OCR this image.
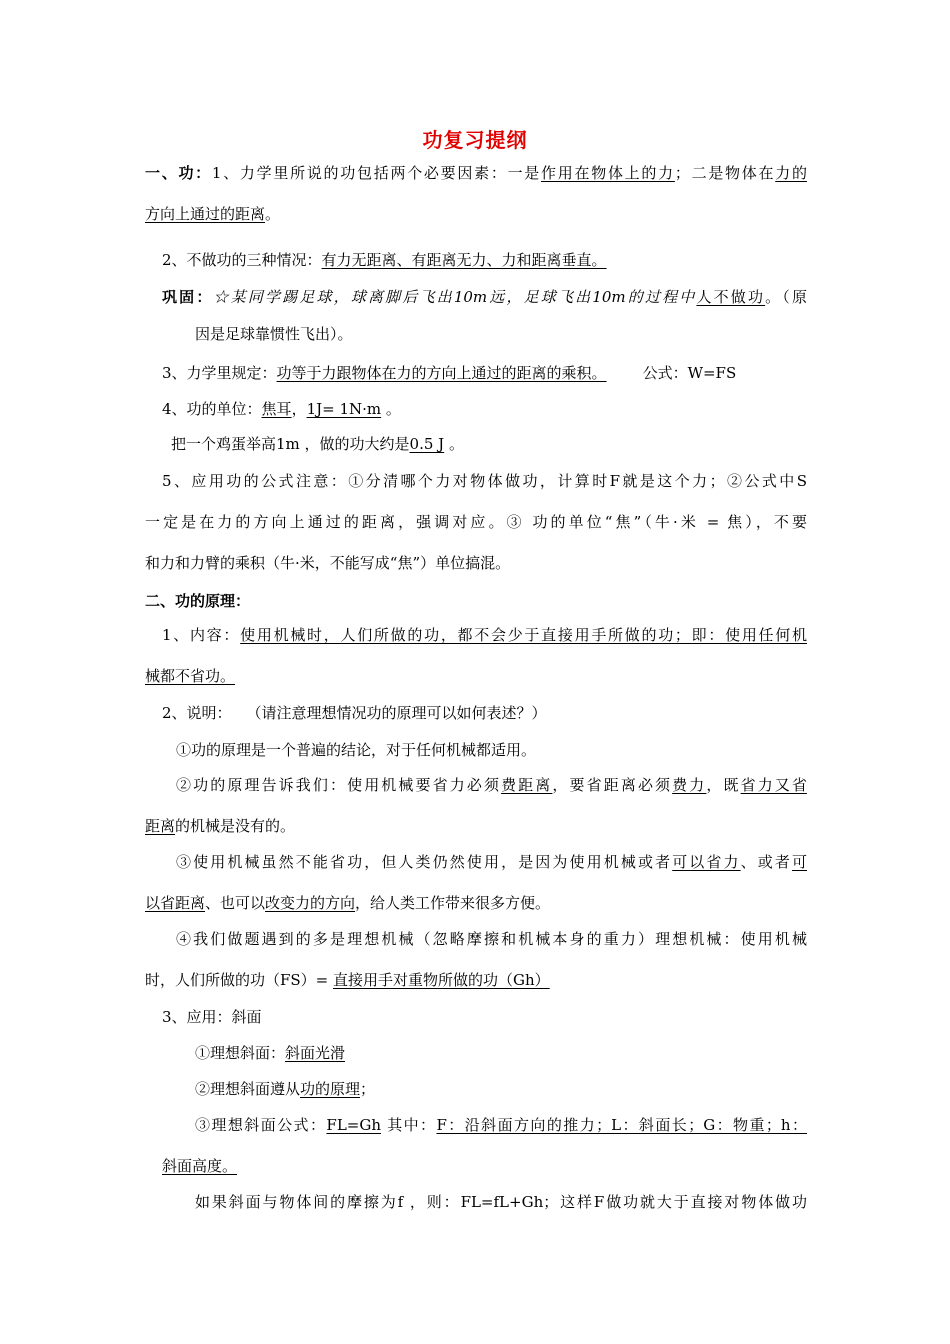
功复习提纲
一、功：1、力学里所说的功包括两个必要因素：一是作用在物体上的力；二是物体在力的
方向上通过的距离。
2、不做功的三种情况：有力无距离、有距离无力、力和距离垂直。
巩固：☆某同学踢足球，球离脚后飞出10m远，足球飞出10m的过程中人不做功。（原
因是足球靠惯性飞出）。
3、力学里规定：功等于力跟物体在力的方向上通过的距离的乘积。 公式：W=FS
4、功的单位：焦耳，1J= 1N·m 。
把一个鸡蛋举高1m ，做的功大约是0.5 J 。
5、应用功的公式注意：①分清哪个力对物体做功，计算时F就是这个力；②公式中S
一定是在力的方向上通过的距离，强调对应。③ 功的单位“焦”（牛·米 = 焦），不要
和力和力臂的乘积（牛·米，不能写成“焦”）单位搞混。
二、功的原理：
1、内容：使用机械时，人们所做的功，都不会少于直接用手所做的功；即：使用任何机
械都不省功。
2、说明：　　（请注意理想情况功的原理可以如何表述？）
①功的原理是一个普遍的结论，对于任何机械都适用。
②功的原理告诉我们：使用机械要省力必须费距离，要省距离必须费力，既省力又省
距离的机械是没有的。
③使用机械虽然不能省功，但人类仍然使用，是因为使用机械或者可以省力、或者可
以省距离、也可以改变力的方向，给人类工作带来很多方便。
④我们做题遇到的多是理想机械（忽略摩擦和机械本身的重力）理想机械：使用机械
时，人们所做的功（FS）= 直接用手对重物所做的功（Gh）
3、应用：斜面
①理想斜面：斜面光滑
②理想斜面遵从功的原理；
③理想斜面公式：FL=Gh 其中：F：沿斜面方向的推力；L：斜面长；G：物重；h：
斜面高度。
如果斜面与物体间的摩擦为f ，则：FL=fL+Gh；这样F做功就大于直接对物体做功
